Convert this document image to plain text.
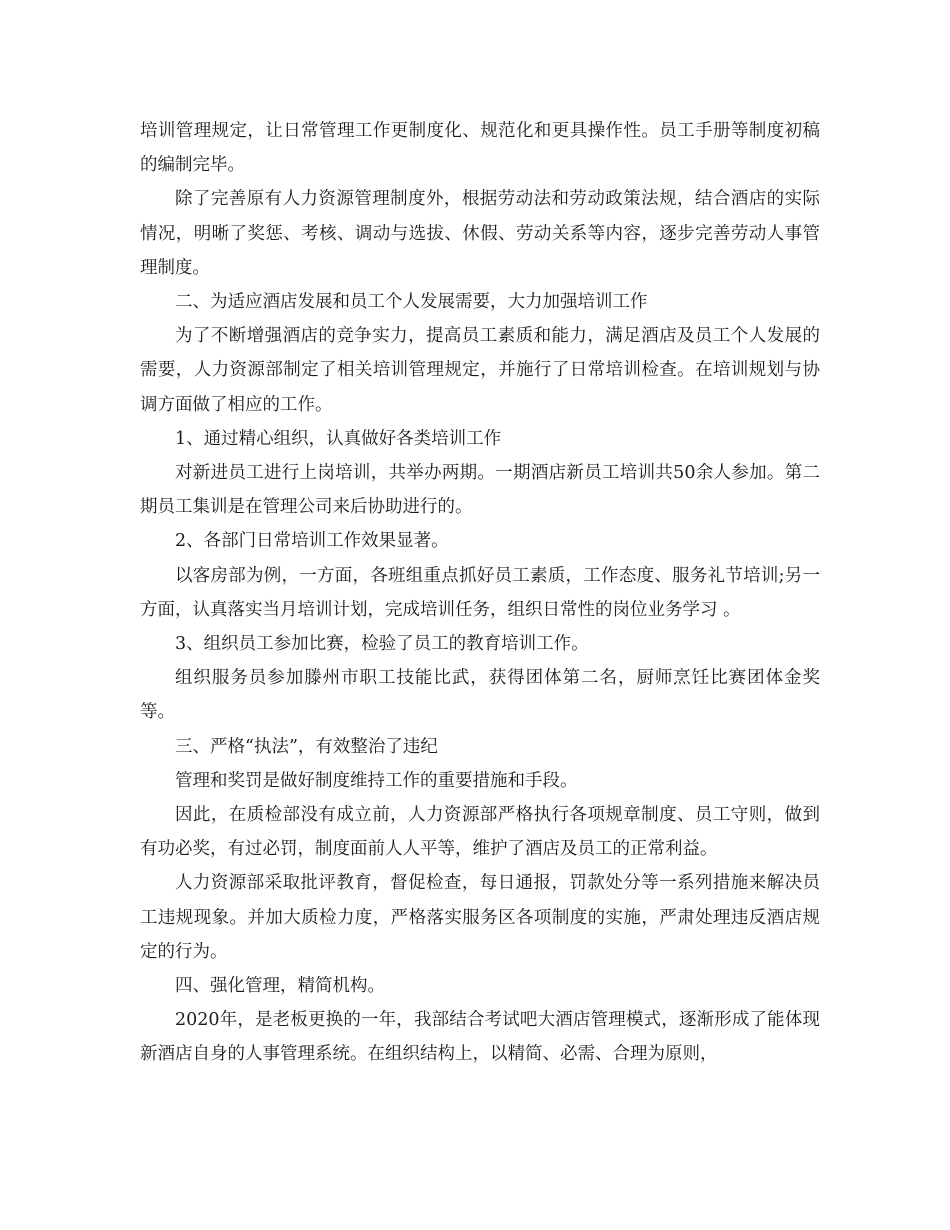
培训管理规定，让日常管理工作更制度化、规范化和更具操作性。员工手册等制度初稿的编制完毕。

除了完善原有人力资源管理制度外，根据劳动法和劳动政策法规，结合酒店的实际情况，明晰了奖惩、考核、调动与选拔、休假、劳动关系等内容，逐步完善劳动人事管理制度。

二、为适应酒店发展和员工个人发展需要，大力加强培训工作

为了不断增强酒店的竞争实力，提高员工素质和能力，满足酒店及员工个人发展的需要，人力资源部制定了相关培训管理规定，并施行了日常培训检查。在培训规划与协调方面做了相应的工作。

1、通过精心组织，认真做好各类培训工作

对新进员工进行上岗培训，共举办两期。一期酒店新员工培训共50余人参加。第二期员工集训是在管理公司来后协助进行的。

2、各部门日常培训工作效果显著。

以客房部为例，一方面，各班组重点抓好员工素质，工作态度、服务礼节培训;另一方面，认真落实当月培训计划，完成培训任务，组织日常性的岗位业务学习 。

3、组织员工参加比赛，检验了员工的教育培训工作。

组织服务员参加滕州市职工技能比武，获得团体第二名，厨师烹饪比赛团体金奖等。

三、严格“执法”，有效整治了违纪

管理和奖罚是做好制度维持工作的重要措施和手段。

因此，在质检部没有成立前，人力资源部严格执行各项规章制度、员工守则，做到有功必奖，有过必罚，制度面前人人平等，维护了酒店及员工的正常利益。

人力资源部采取批评教育，督促检查，每日通报，罚款处分等一系列措施来解决员工违规现象。并加大质检力度，严格落实服务区各项制度的实施，严肃处理违反酒店规定的行为。

四、强化管理，精简机构。

2020年，是老板更换的一年，我部结合考试吧大酒店管理模式，逐渐形成了能体现新酒店自身的人事管理系统。在组织结构上，以精简、必需、合理为原则，
